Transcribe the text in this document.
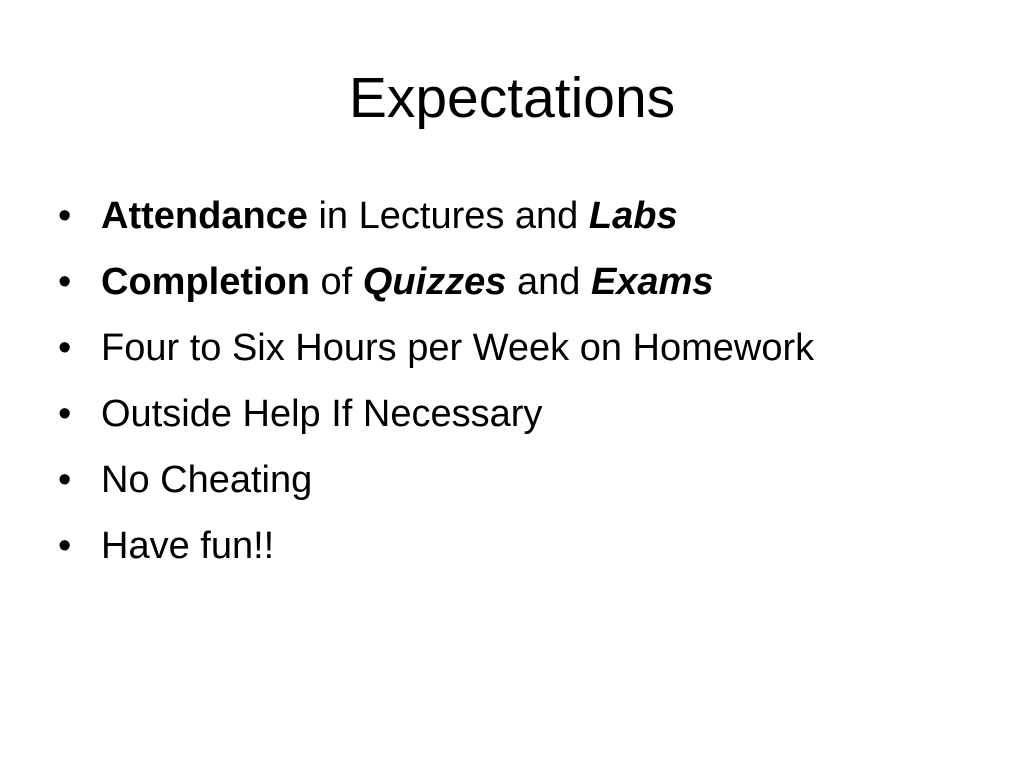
Expectations
• Attendance in Lectures and Labs
• Completion of Quizzes and Exams
• Four to Six Hours per Week on Homework
• Outside Help If Necessary
• No Cheating
• Have fun!!
